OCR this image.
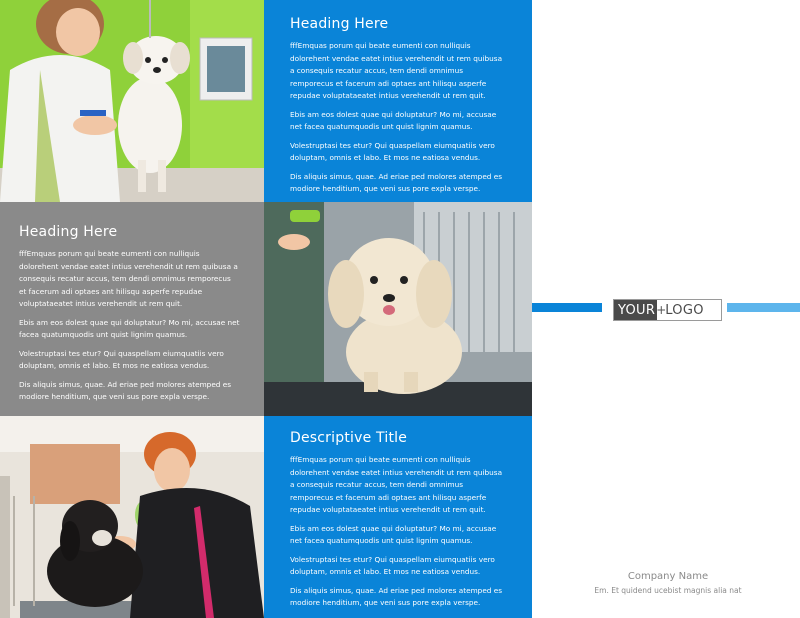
Heading Here

fffEmquas porum qui beate eumenti con nulliquis dolorehent vendae eatet intius verehendit ut rem quibusa a consequis recatur accus, tem dendi omnimus remporecus et facerum adi optaes ant hilisqu asperfe repudae voluptataeatet intius verehendit ut rem quit.

Ebis am eos dolest quae qui doluptatur? Mo mi, accusae net facea quatumquodis unt quist lignim quamus.

Volestruptasi tes etur? Qui quaspellam eiumquatiis vero doluptam, omnis et labo. Et mos ne eatiosa vendus.

Dis aliquis simus, quae. Ad eriae ped molores atemped es modiore henditium, que veni sus pore expla verspe.

Heading Here

fffEmquas porum qui beate eumenti con nulliquis dolorehent vendae eatet intius verehendit ut rem quibusa a consequis recatur accus, tem dendi omnimus remporecus et facerum adi optaes ant hilisqu asperfe repudae voluptataeatet intius verehendit ut rem quit.

Ebis am eos dolest quae qui doluptatur? Mo mi, accusae net facea quatumquodis unt quist lignim quamus.

Volestruptasi tes etur? Qui quaspellam eiumquatiis vero doluptam, omnis et labo. Et mos ne eatiosa vendus.

Dis aliquis simus, quae. Ad eriae ped molores atemped es modiore henditium, que veni sus pore expla verspe.

Descriptive Title

fffEmquas porum qui beate eumenti con nulliquis dolorehent vendae eatet intius verehendit ut rem quibusa a consequis recatur accus, tem dendi omnimus remporecus et facerum adi optaes ant hilisqu asperfe repudae voluptataeatet intius verehendit ut rem quit.

Ebis am eos dolest quae qui doluptatur? Mo mi, accusae net facea quatumquodis unt quist lignim quamus.

Volestruptasi tes etur? Qui quaspellam eiumquatiis vero doluptam, omnis et labo. Et mos ne eatiosa vendus.

Dis aliquis simus, quae. Ad eriae ped molores atemped es modiore henditium, que veni sus pore expla verspe.

YOUR +
LOGO
Company Name
Em. Et quidend ucebist magnis alia nat
